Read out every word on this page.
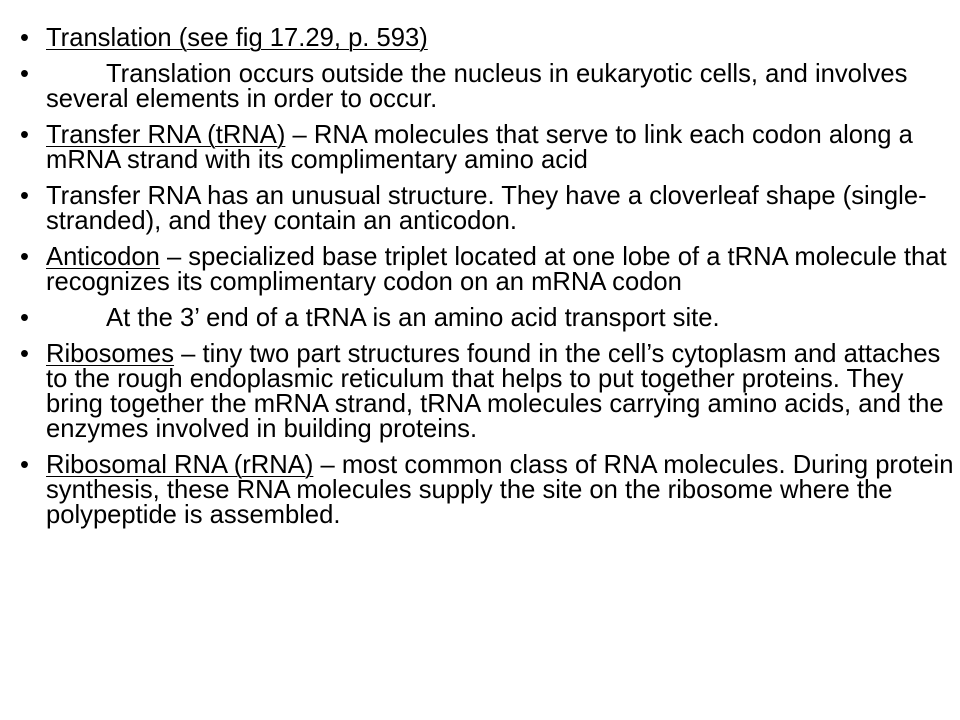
• Translation (see fig 17.29, p. 593)
•	Translation occurs outside the nucleus in eukaryotic cells, and involves several elements in order to occur.
• Transfer RNA (tRNA) – RNA molecules that serve to link each codon along a mRNA strand with its complimentary amino acid
• Transfer RNA has an unusual structure. They have a cloverleaf shape (single-stranded), and they contain an anticodon.
• Anticodon – specialized base triplet located at one lobe of a tRNA molecule that recognizes its complimentary codon on an mRNA codon
•	At the 3’ end of a tRNA is an amino acid transport site.
• Ribosomes – tiny two part structures found in the cell’s cytoplasm and attaches to the rough endoplasmic reticulum that helps to put together proteins. They bring together the mRNA strand, tRNA molecules carrying amino acids, and the enzymes involved in building proteins.
• Ribosomal RNA (rRNA) – most common class of RNA molecules. During protein synthesis, these RNA molecules supply the site on the ribosome where the polypeptide is assembled.
